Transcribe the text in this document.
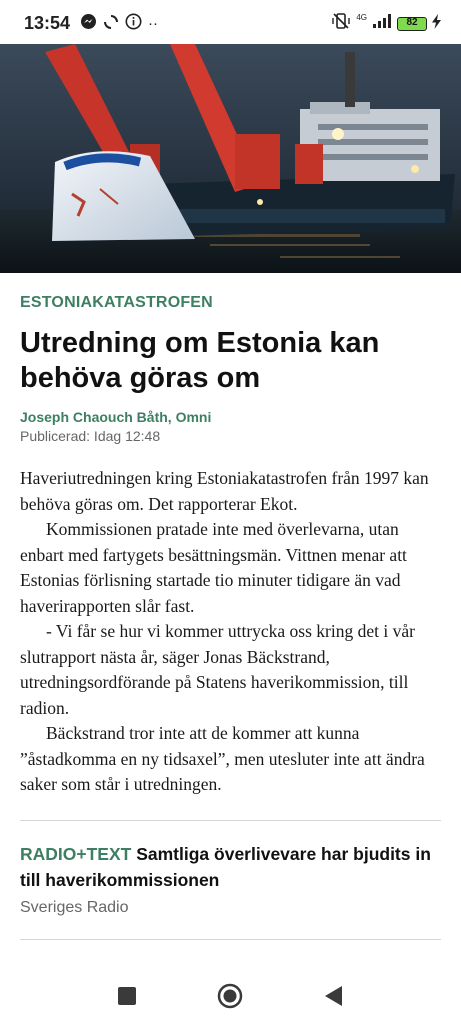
13:54	··	4G	82
ESTONIAKATASTROFEN
Utredning om Estonia kan behöva göras om
Joseph Chaouch Båth, Omni
Publicerad: Idag 12:48

Haveriutredningen kring Estoniakatastrofen från 1997 kan behöva göras om. Det rapporterar Ekot.

Kommissionen pratade inte med överlevarna, utan enbart med fartygets besättningsmän. Vittnen menar att Estonias förlisning startade tio minuter tidigare än vad haverirapporten slår fast.

- Vi får se hur vi kommer uttrycka oss kring det i vår slutrapport nästa år, säger Jonas Bäckstrand, utredningsordförande på Statens haverikommission, till radion.

Bäckstrand tror inte att de kommer att kunna ”åstadkomma en ny tidsaxel”, men utesluter inte att ändra saker som står i utredningen.

RADIO+TEXT Samtliga överlivevare har bjudits in till haverikommissionen
Sveriges Radio
